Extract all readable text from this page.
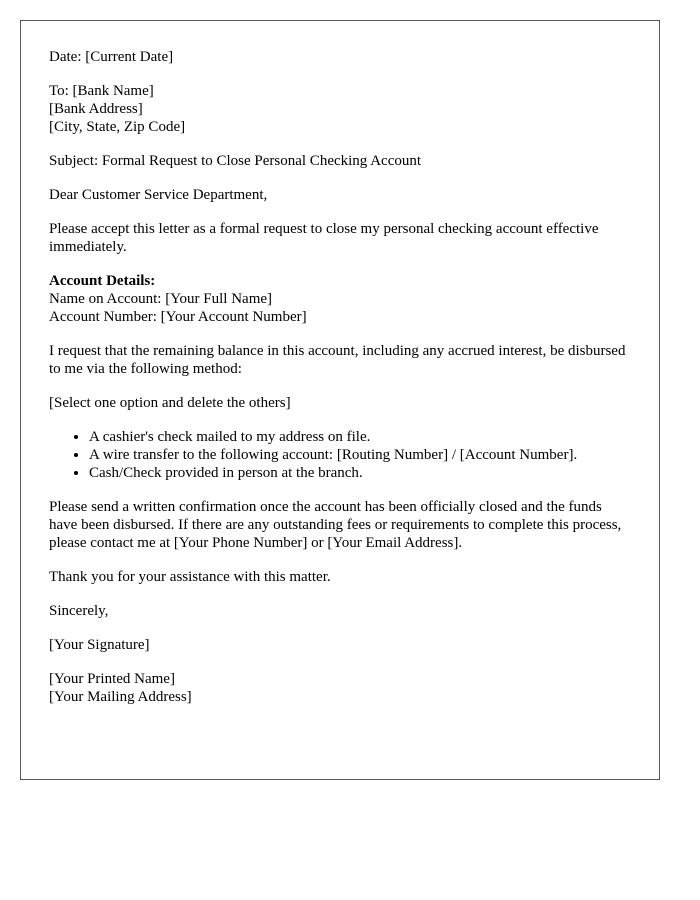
Date: [Current Date]

To: [Bank Name]
[Bank Address]
[City, State, Zip Code]

Subject: Formal Request to Close Personal Checking Account

Dear Customer Service Department,

Please accept this letter as a formal request to close my personal checking account effective immediately.

Account Details:
Name on Account: [Your Full Name]
Account Number: [Your Account Number]

I request that the remaining balance in this account, including any accrued interest, be disbursed to me via the following method:

[Select one option and delete the others]

• A cashier's check mailed to my address on file.
• A wire transfer to the following account: [Routing Number] / [Account Number].
• Cash/Check provided in person at the branch.

Please send a written confirmation once the account has been officially closed and the funds have been disbursed. If there are any outstanding fees or requirements to complete this process, please contact me at [Your Phone Number] or [Your Email Address].

Thank you for your assistance with this matter.

Sincerely,

[Your Signature]

[Your Printed Name]
[Your Mailing Address]
